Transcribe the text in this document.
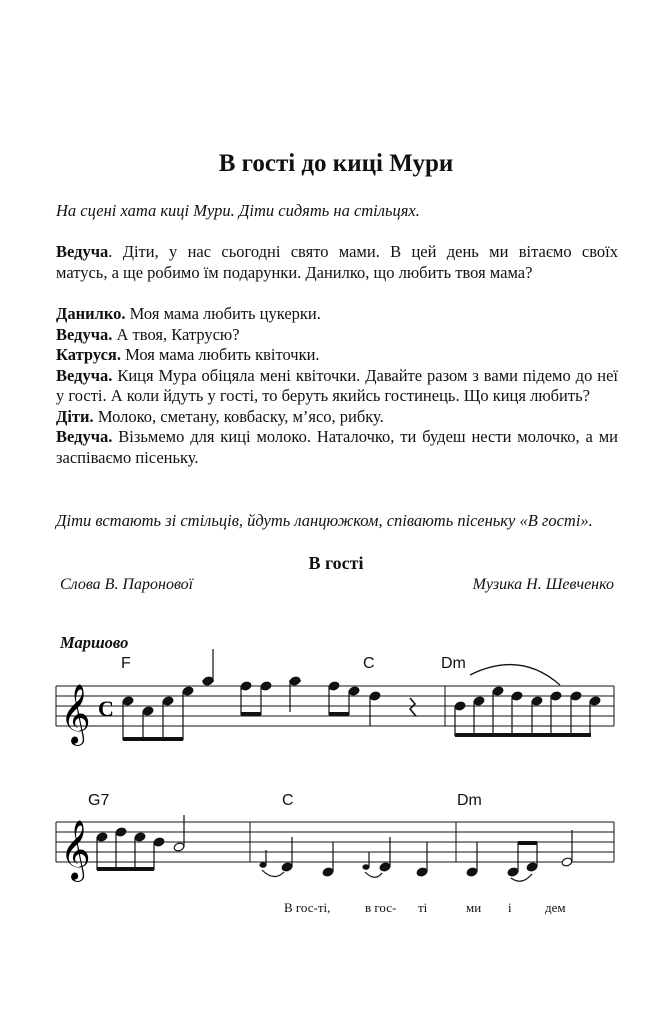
В гості до киці Мури

На сцені хата киці Мури. Діти сидять на стільцях.

Ведуча. Діти, у нас сьогодні свято мами. В цей день ми вітаємо своїх

матусь, а ще робимо їм подарунки. Данилко, що любить твоя мама?

Данилко. Моя мама любить цукерки.

Ведуча. А твоя, Катрусю?

Катруся. Моя мама любить квіточки.

Ведуча. Киця Мура обіцяла мені квіточки. Давайте разом з вами підемо до неї у гості. А коли йдуть у гості, то беруть якийсь гостинець. Що киця любить?

Діти. Молоко, сметану, ковбаску, м’ясо, рибку.

Ведуча. Візьмемо для киці молоко. Наталочко, ти будеш нести молочко, а ми заспіваємо пісеньку.

Діти встають зі стільців, йдуть ланцюжком, співають пісеньку «В гості».

В гості
Слова В. Паронової	Музика Н. Шевченко
Маршово
F	C	Dm
G7	C	Dm
𝄞 C
𝄞
В гос-ті,	в гос- ті	ми і	дем
